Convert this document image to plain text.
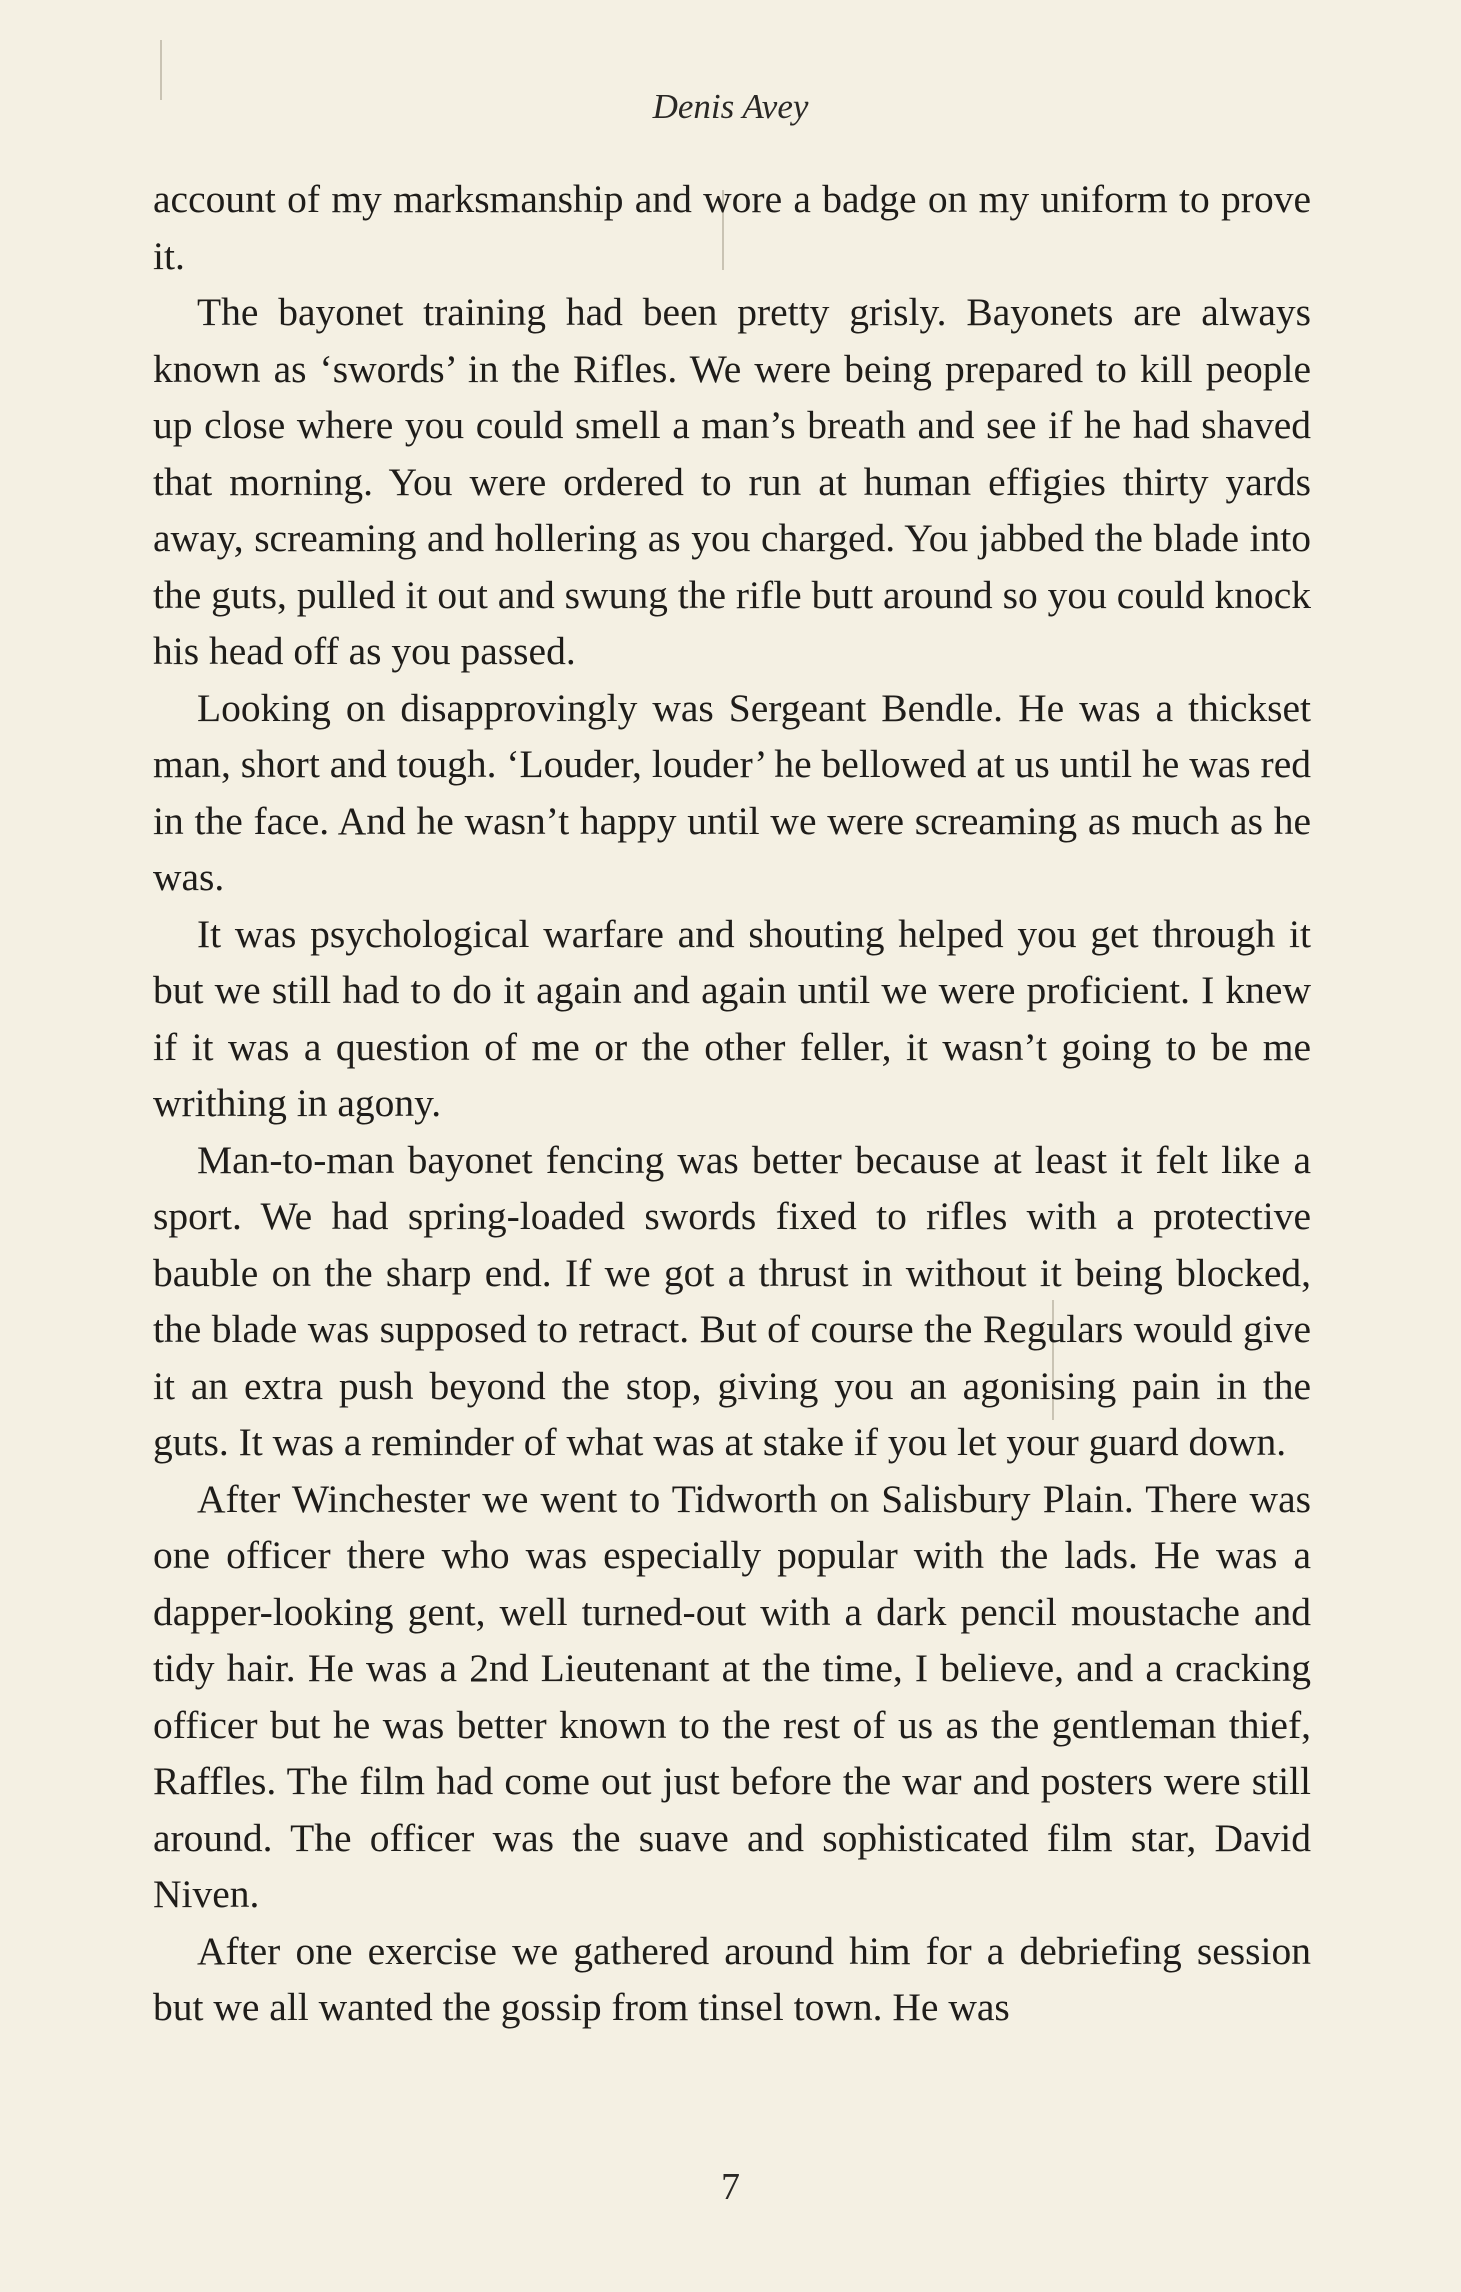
Denis Avey

account of my marksmanship and wore a badge on my uniform to prove it.

The bayonet training had been pretty grisly. Bayonets are always known as ‘swords’ in the Rifles. We were being prepared to kill people up close where you could smell a man’s breath and see if he had shaved that morning. You were ordered to run at human effigies thirty yards away, screaming and hollering as you charged. You jabbed the blade into the guts, pulled it out and swung the rifle butt around so you could knock his head off as you passed.

Looking on disapprovingly was Sergeant Bendle. He was a thickset man, short and tough. ‘Louder, louder’ he bellowed at us until he was red in the face. And he wasn’t happy until we were screaming as much as he was.

It was psychological warfare and shouting helped you get through it but we still had to do it again and again until we were proficient. I knew if it was a question of me or the other feller, it wasn’t going to be me writhing in agony.

Man-to-man bayonet fencing was better because at least it felt like a sport. We had spring-loaded swords fixed to rifles with a protective bauble on the sharp end. If we got a thrust in without it being blocked, the blade was supposed to retract. But of course the Regulars would give it an extra push beyond the stop, giving you an agonising pain in the guts. It was a reminder of what was at stake if you let your guard down.

After Winchester we went to Tidworth on Salisbury Plain. There was one officer there who was especially popular with the lads. He was a dapper-looking gent, well turned-out with a dark pencil moustache and tidy hair. He was a 2nd Lieutenant at the time, I believe, and a cracking officer but he was better known to the rest of us as the gentleman thief, Raffles. The film had come out just before the war and posters were still around. The officer was the suave and sophisticated film star, David Niven.

After one exercise we gathered around him for a debriefing session but we all wanted the gossip from tinsel town. He was

7
